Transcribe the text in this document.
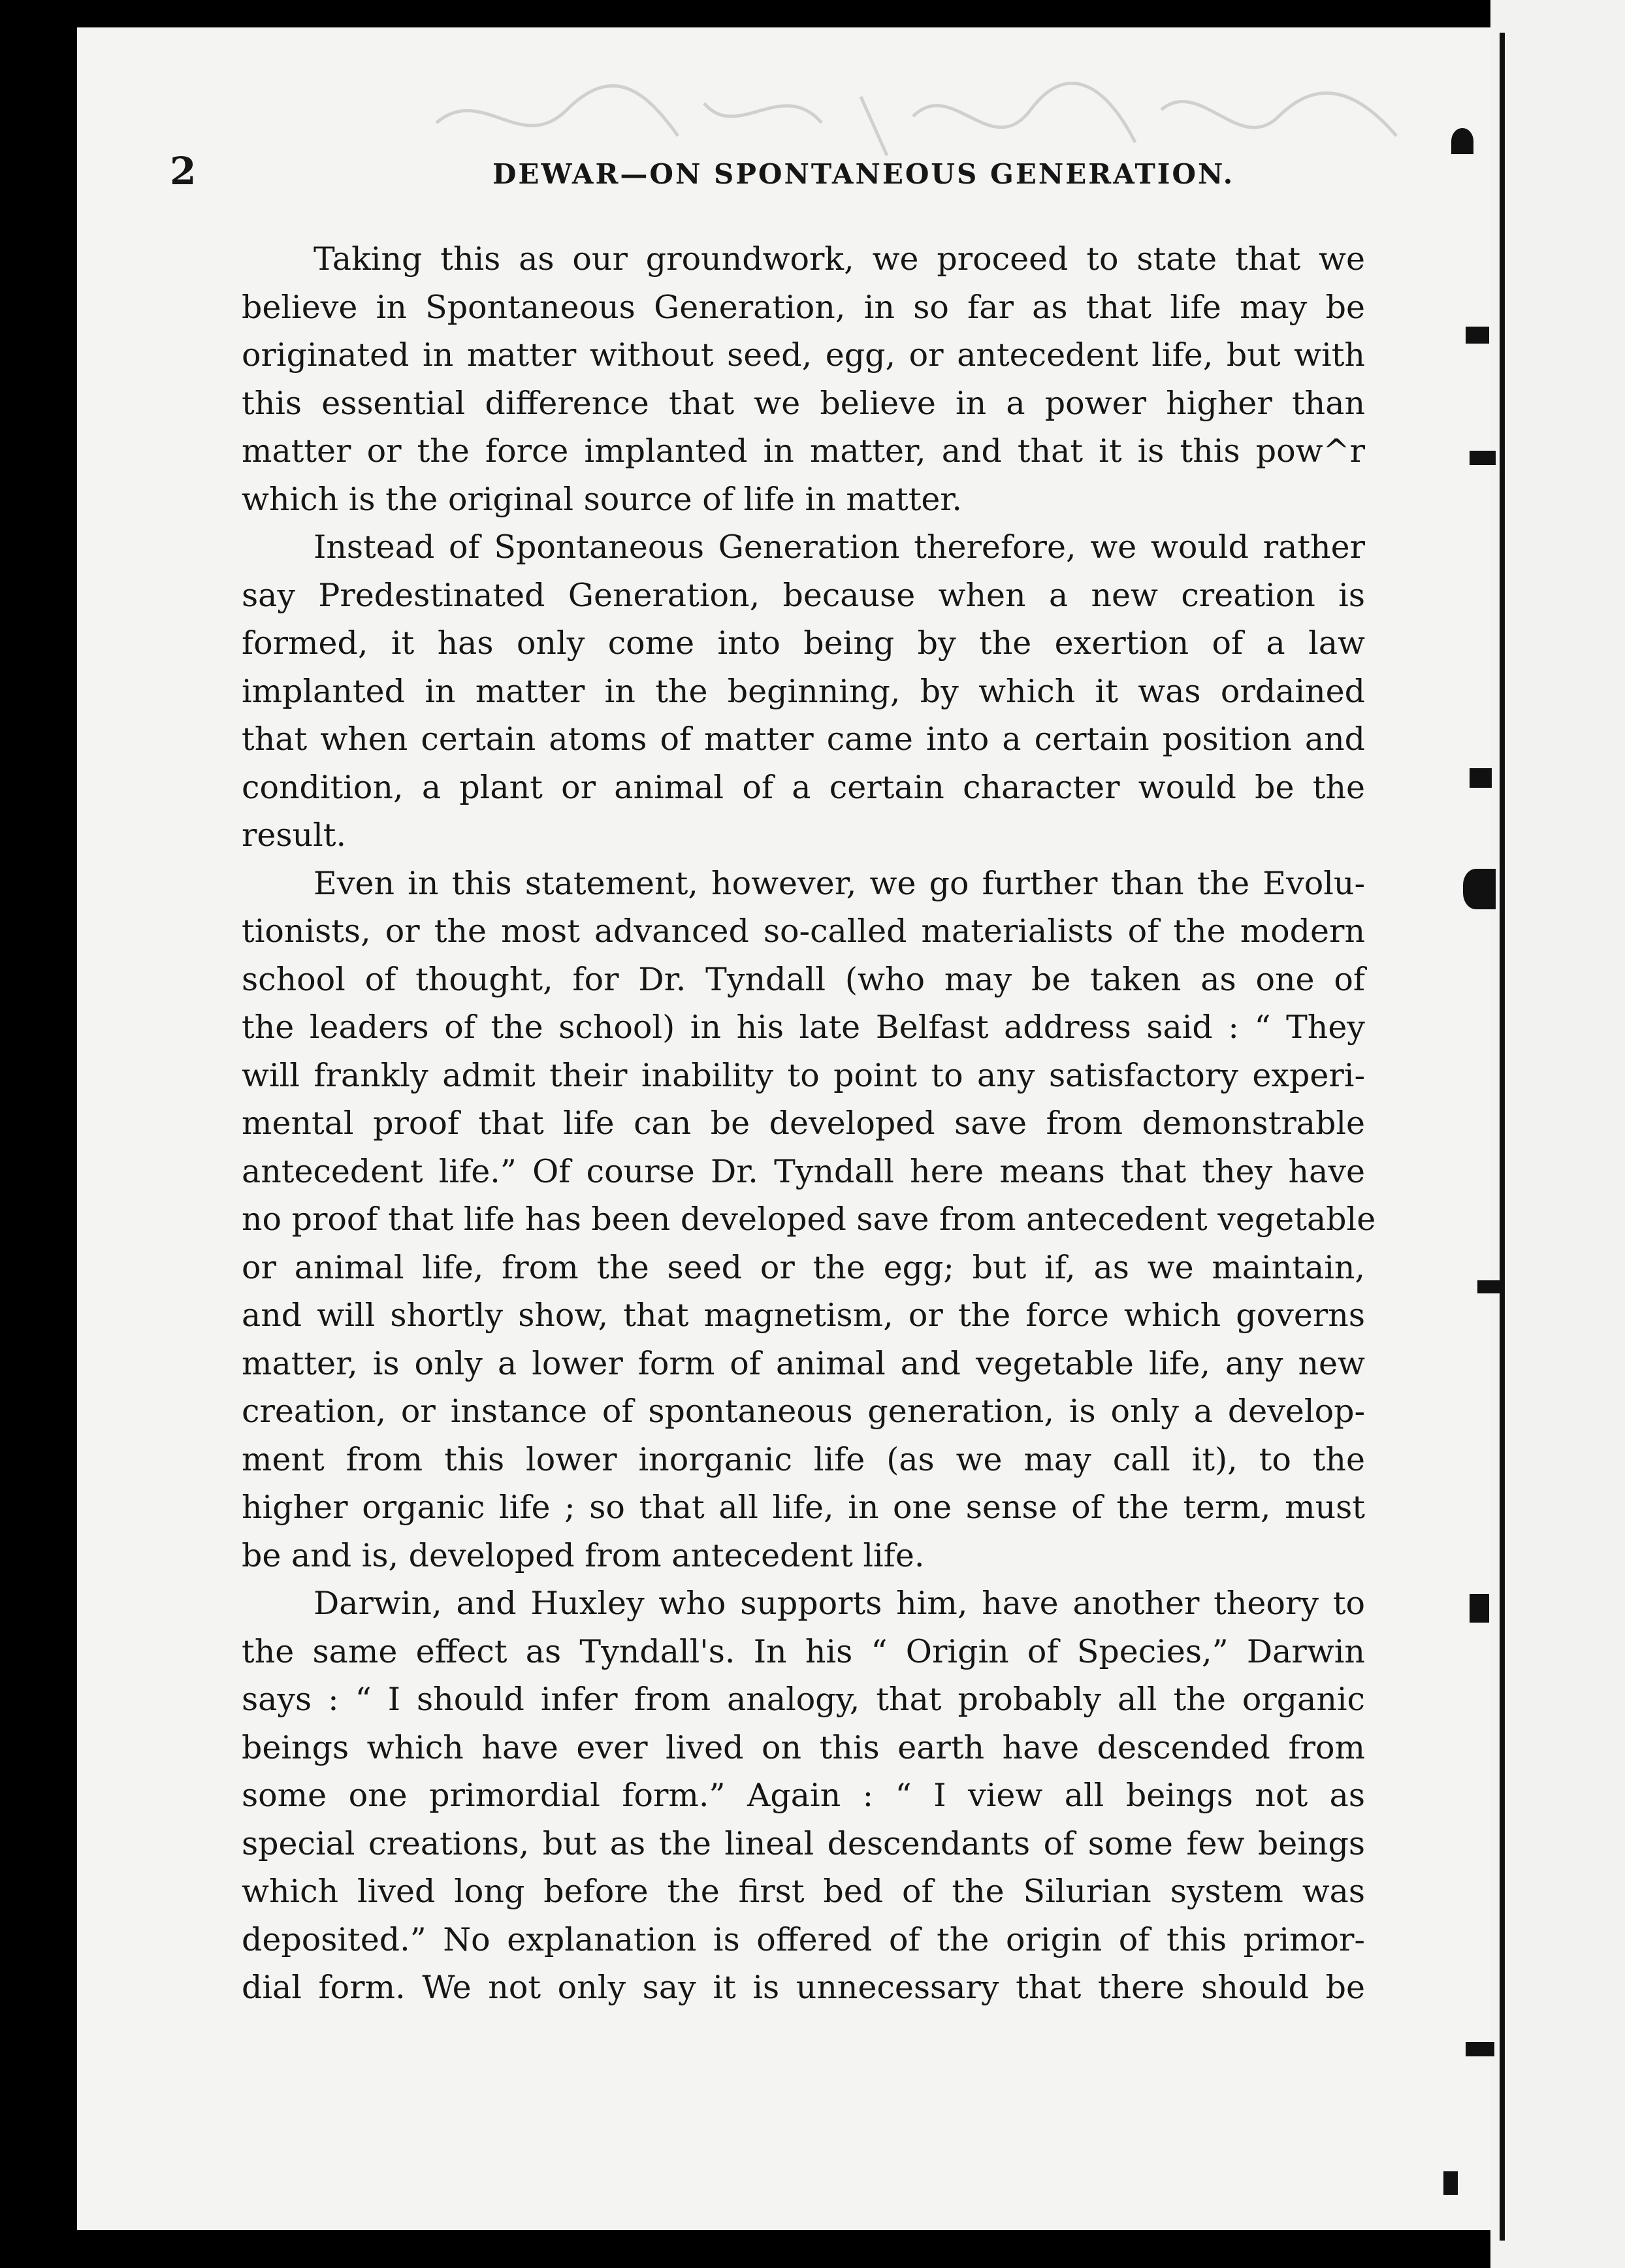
2	DEWAR—ON SPONTANEOUS GENERATION.
Taking this as our groundwork, we proceed to state that we
believe in Spontaneous Generation, in so far as that life may be
originated in matter without seed, egg, or antecedent life, but with
this essential difference that we believe in a power higher than
matter or the force implanted in matter, and that it is this pow^r
which is the original source of life in matter.
Instead of Spontaneous Generation therefore, we would rather
say Predestinated Generation, because when a new creation is
formed, it has only come into being by the exertion of a law
implanted in matter in the beginning, by which it was ordained
that when certain atoms of matter came into a certain position and
condition, a plant or animal of a certain character would be the
result.
Even in this statement, however, we go further than the Evolu-
tionists, or the most advanced so-called materialists of the modern
school of thought, for Dr. Tyndall (who may be taken as one of
the leaders of the school) in his late Belfast address said : “ They
will frankly admit their inability to point to any satisfactory experi-
mental proof that life can be developed save from demonstrable
antecedent life.” Of course Dr. Tyndall here means that they have
no proof that life has been developed save from antecedent vegetable
or animal life, from the seed or the egg; but if, as we maintain,
and will shortly show, that magnetism, or the force which governs
matter, is only a lower form of animal and vegetable life, any new
creation, or instance of spontaneous generation, is only a develop-
ment from this lower inorganic life (as we may call it), to the
higher organic life ; so that all life, in one sense of the term, must
be and is, developed from antecedent life.
Darwin, and Huxley who supports him, have another theory to
the same effect as Tyndall's. In his “ Origin of Species,” Darwin
says : “ I should infer from analogy, that probably all the organic
beings which have ever lived on this earth have descended from
some one primordial form.” Again : “ I view all beings not as
special creations, but as the lineal descendants of some few beings
which lived long before the first bed of the Silurian system was
deposited.” No explanation is offered of the origin of this primor-
dial form. We not only say it is unnecessary that there should be
